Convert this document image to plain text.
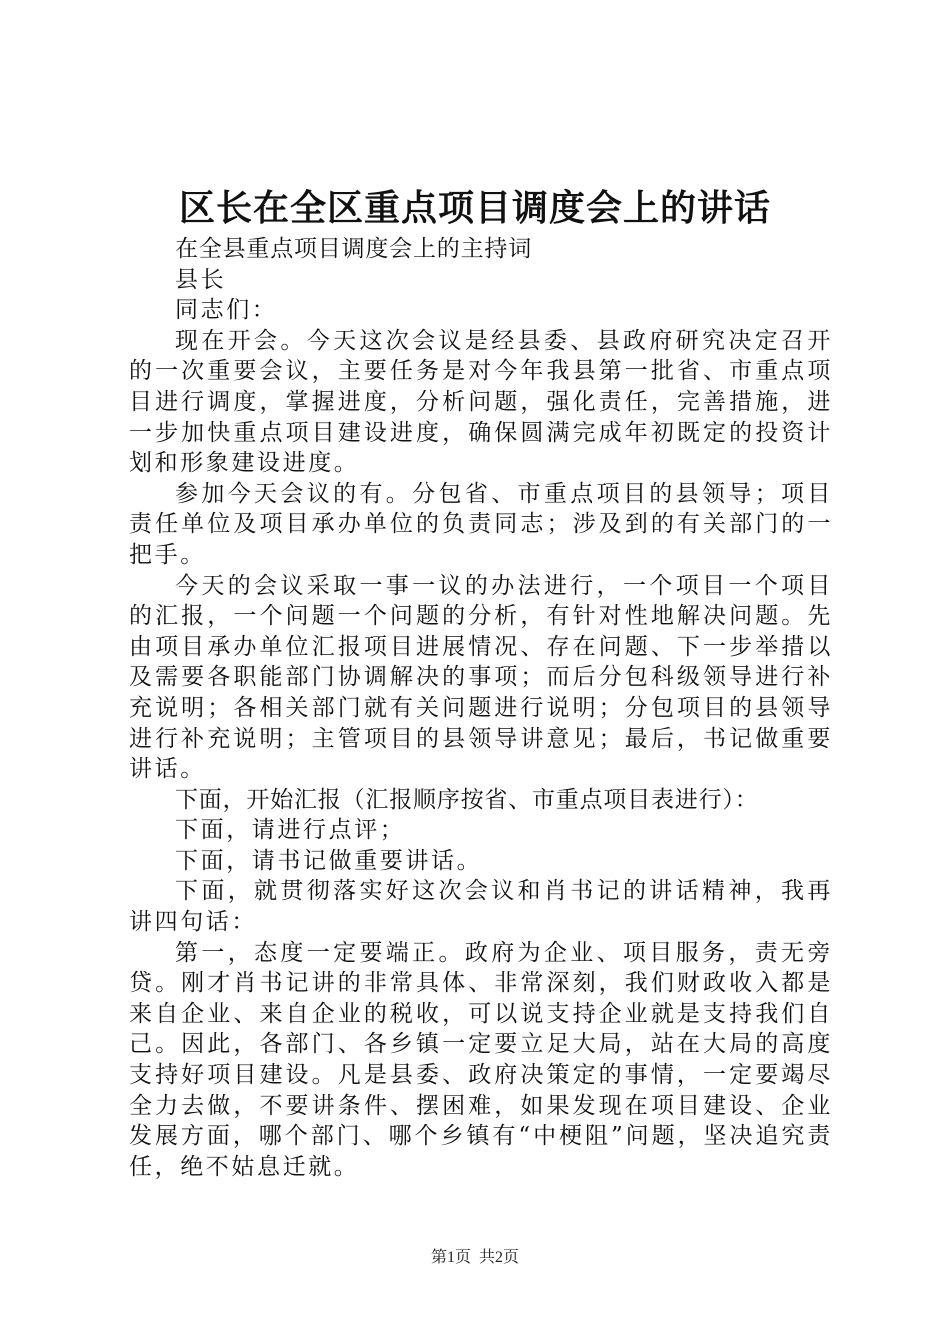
区长在全区重点项目调度会上的讲话

在全县重点项目调度会上的主持词

县长

同志们：

现在开会。今天这次会议是经县委、县政府研究决定召开的一次重要会议，主要任务是对今年我县第一批省、市重点项目进行调度，掌握进度，分析问题，强化责任，完善措施，进一步加快重点项目建设进度，确保圆满完成年初既定的投资计划和形象建设进度。

参加今天会议的有。分包省、市重点项目的县领导；项目责任单位及项目承办单位的负责同志；涉及到的有关部门的一把手。

今天的会议采取一事一议的办法进行，一个项目一个项目的汇报，一个问题一个问题的分析，有针对性地解决问题。先由项目承办单位汇报项目进展情况、存在问题、下一步举措以及需要各职能部门协调解决的事项；而后分包科级领导进行补充说明；各相关部门就有关问题进行说明；分包项目的县领导进行补充说明；主管项目的县领导讲意见；最后，书记做重要讲话。

下面，开始汇报（汇报顺序按省、市重点项目表进行）：

下面，请进行点评；

下面，请书记做重要讲话。

下面，就贯彻落实好这次会议和肖书记的讲话精神，我再讲四句话：

第一，态度一定要端正。政府为企业、项目服务，责无旁贷。刚才肖书记讲的非常具体、非常深刻，我们财政收入都是来自企业、来自企业的税收，可以说支持企业就是支持我们自己。因此，各部门、各乡镇一定要立足大局，站在大局的高度支持好项目建设。凡是县委、政府决策定的事情，一定要竭尽全力去做，不要讲条件、摆困难，如果发现在项目建设、企业发展方面，哪个部门、哪个乡镇有“中梗阻”问题，坚决追究责任，绝不姑息迁就。

第1页 共2页
